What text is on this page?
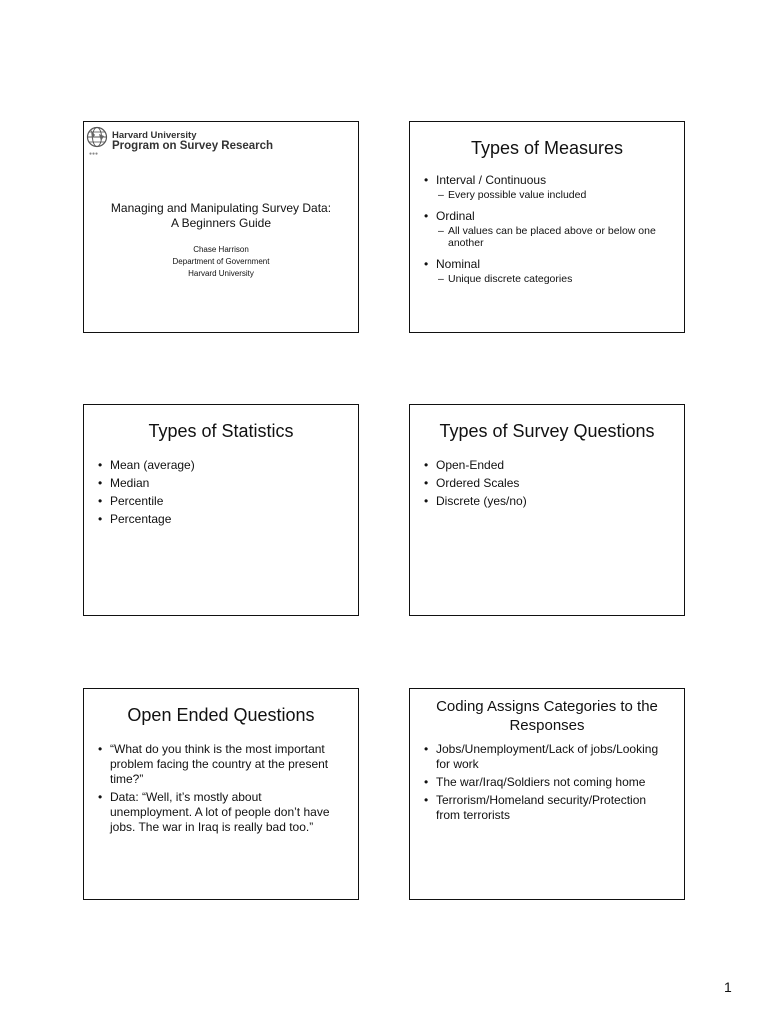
Harvard University
Program on Survey Research
●●●
Managing and Manipulating Survey Data:
A Beginners Guide
Chase Harrison
Department of Government
Harvard University
Types of Measures
• Interval / Continuous
– Every possible value included
• Ordinal
– All values can be placed above or below one another
• Nominal
– Unique discrete categories
Types of Statistics
• Mean (average)
• Median
• Percentile
• Percentage
Types of Survey Questions
• Open-Ended
• Ordered Scales
• Discrete (yes/no)
Open Ended Questions
• “What do you think is the most important problem facing the country at the present time?”
• Data: “Well, it’s mostly about unemployment. A lot of people don’t have jobs. The war in Iraq is really bad too.”
Coding Assigns Categories to the Responses
• Jobs/Unemployment/Lack of jobs/Looking for work
• The war/Iraq/Soldiers not coming home
• Terrorism/Homeland security/Protection from terrorists
1
